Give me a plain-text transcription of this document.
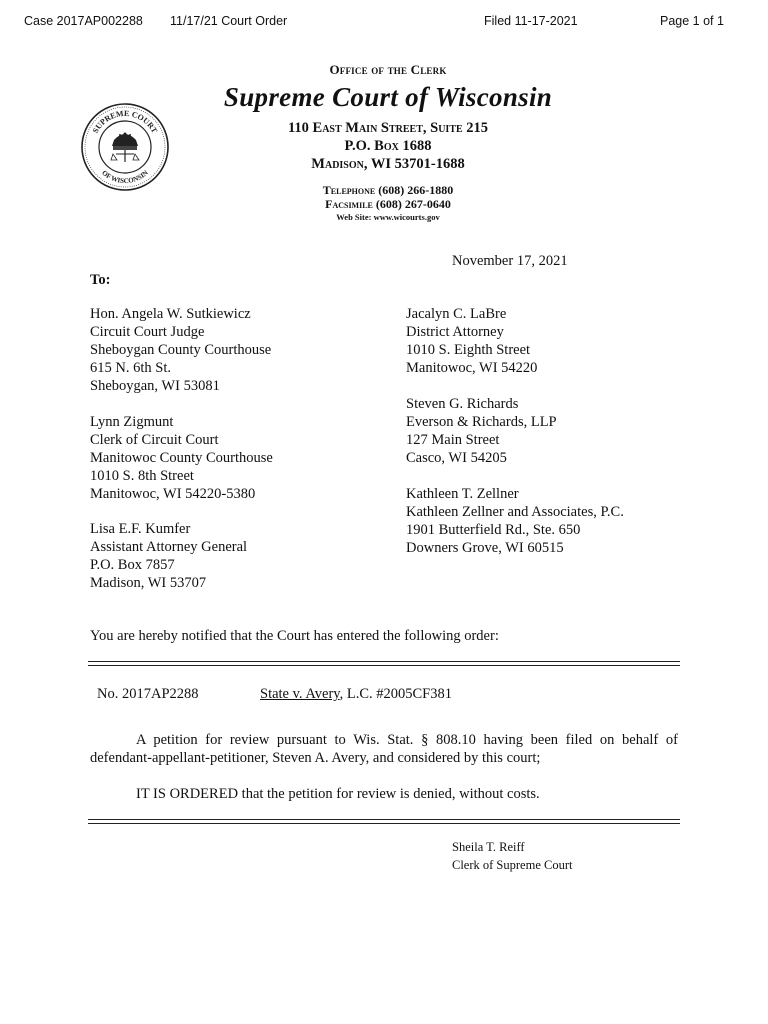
Case 2017AP002288 11/17/21 Court Order	Filed 11-17-2021	Page 1 of 1
SUPREME COURT
OF WISCONSIN
Office of the Clerk
Supreme Court of Wisconsin
110 East Main Street, Suite 215
P.O. Box 1688
Madison, WI 53701-1688
Telephone (608) 266-1880
Facsimile (608) 267-0640
Web Site: www.wicourts.gov
November 17, 2021
To:
Hon. Angela W. Sutkiewicz
Circuit Court Judge
Sheboygan County Courthouse
615 N. 6th St.
Sheboygan, WI 53081
Lynn Zigmunt
Clerk of Circuit Court
Manitowoc County Courthouse
1010 S. 8th Street
Manitowoc, WI 54220-5380
Lisa E.F. Kumfer
Assistant Attorney General
P.O. Box 7857
Madison, WI 53707
Jacalyn C. LaBre
District Attorney
1010 S. Eighth Street
Manitowoc, WI 54220
Steven G. Richards
Everson & Richards, LLP
127 Main Street
Casco, WI 54205
Kathleen T. Zellner
Kathleen Zellner and Associates, P.C.
1901 Butterfield Rd., Ste. 650
Downers Grove, WI 60515
You are hereby notified that the Court has entered the following order:
No. 2017AP2288	State v. Avery, L.C. #2005CF381
A petition for review pursuant to Wis. Stat. § 808.10 having been filed on behalf of defendant-appellant-petitioner, Steven A. Avery, and considered by this court;
IT IS ORDERED that the petition for review is denied, without costs.
Sheila T. Reiff
Clerk of Supreme Court
